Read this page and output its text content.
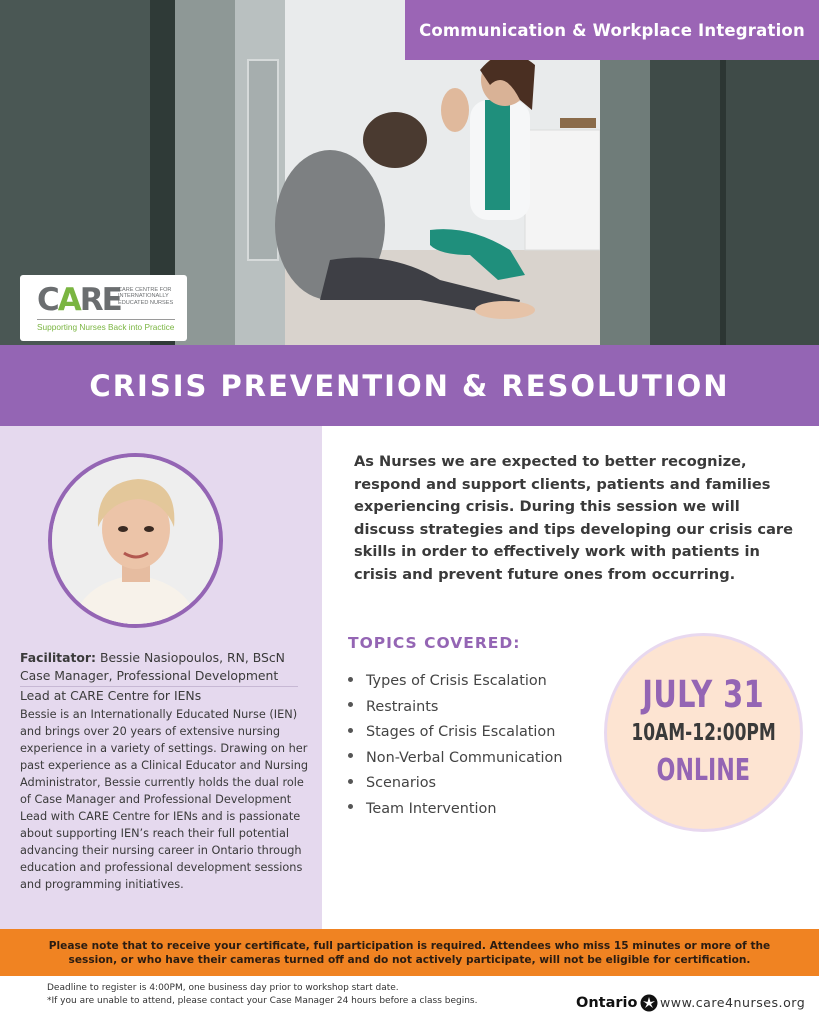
Communication & Workplace Integration
CARE
CARE CENTRE FOR INTERNATIONALLY EDUCATED NURSES
Supporting Nurses Back into Practice
CRISIS PREVENTION & RESOLUTION
Facilitator: Bessie Nasiopoulos, RN, BScN
Case Manager, Professional Development
Lead at CARE Centre for IENs

Bessie is an Internationally Educated Nurse (IEN) and brings over 20 years of extensive nursing experience in a variety of settings. Drawing on her past experience as a Clinical Educator and Nursing Administrator, Bessie currently holds the dual role of Case Manager and Professional Development Lead with CARE Centre for IENs and is passionate about supporting IEN’s reach their full potential advancing their nursing career in Ontario through education and professional development sessions and programming initiatives.

As Nurses we are expected to better recognize, respond and support clients, patients and families experiencing crisis. During this session we will discuss strategies and tips developing our crisis care skills in order to effectively work with patients in crisis and prevent future ones from occurring.

TOPICS COVERED:
Types of Crisis Escalation
Restraints
Stages of Crisis Escalation
Non-Verbal Communication
Scenarios
Team Intervention
JULY 31
10AM-12:00PM
ONLINE

Please note that to receive your certificate, full participation is required. Attendees who miss 15 minutes or more of the session, or who have their cameras turned off and do not actively participate, will not be eligible for certification.

Deadline to register is 4:00PM, one business day prior to workshop start date.
*If you are unable to attend, please contact your Case Manager 24 hours before a class begins.	Ontario www.care4nurses.org
